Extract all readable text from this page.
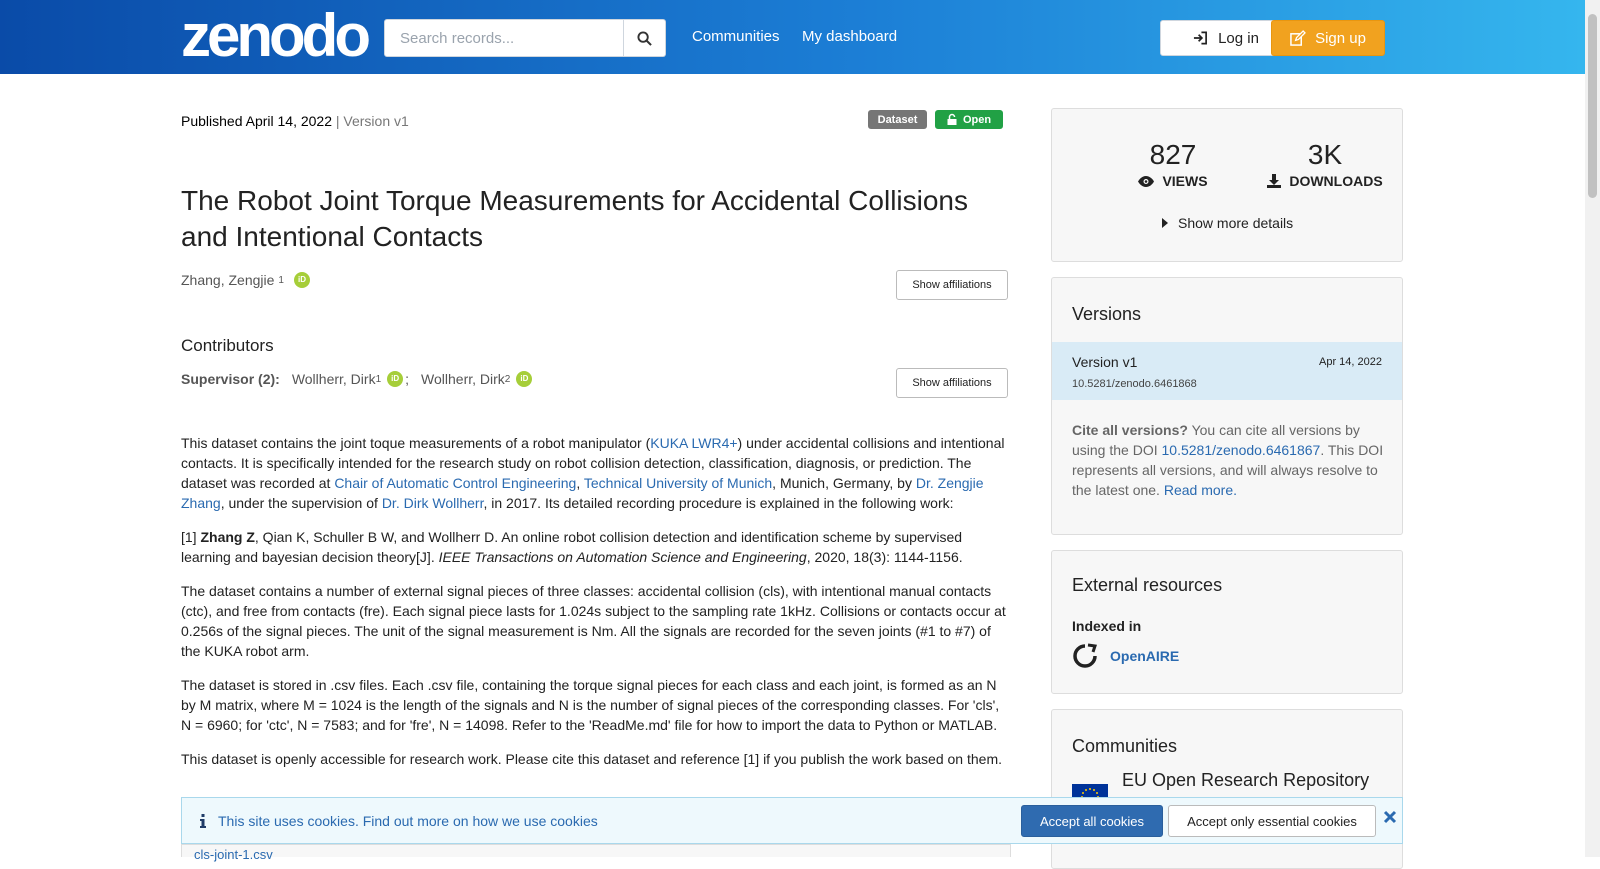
zenodo
Search records...	Communities My dashboard	Log in	Sign up
Published April 14, 2022 | Version v1	Dataset	Open
The Robot Joint Torque Measurements for Accidental Collisions and Intentional Contacts
Zhang, Zengjie 1	iD	Show affiliations
Contributors
Supervisor (2): Wollherr, Dirk 1	iD ; Wollherr, Dirk 2	iD	Show affiliations

This dataset contains the joint toque measurements of a robot manipulator (KUKA LWR4+) under accidental collisions and intentional contacts. It is specifically intended for the research study on robot collision detection, classification, diagnosis, or prediction. The dataset was recorded at Chair of Automatic Control Engineering, Technical University of Munich, Munich, Germany, by Dr. Zengjie Zhang, under the supervision of Dr. Dirk Wollherr, in 2017. Its detailed recording procedure is explained in the following work:

[1] Zhang Z, Qian K, Schuller B W, and Wollherr D. An online robot collision detection and identification scheme by supervised learning and bayesian decision theory[J]. IEEE Transactions on Automation Science and Engineering, 2020, 18(3): 1144-1156.

The dataset contains a number of external signal pieces of three classes: accidental collision (cls), with intentional manual contacts (ctc), and free from contacts (fre). Each signal piece lasts for 1.024s subject to the sampling rate 1kHz. Collisions or contacts occur at 0.256s of the signal pieces. The unit of the signal measurement is Nm. All the signals are recorded for the seven joints (#1 to #7) of the KUKA robot arm.

The dataset is stored in .csv files. Each .csv file, containing the torque signal pieces for each class and each joint, is formed as an N by M matrix, where M = 1024 is the length of the signals and N is the number of signal pieces of the corresponding classes. For 'cls', N = 6960; for 'ctc', N = 7583; and for 'fre', N = 14098. Refer to the 'ReadMe.md' file for how to import the data to Python or MATLAB.

This dataset is openly accessible for research work. Please cite this dataset and reference [1] if you publish the work based on them.

cls-joint-1.csv
827
VIEWS
3K
DOWNLOADS
Show more details
Versions
Version v1	Apr 14, 2022
10.5281/zenodo.6461868
Cite all versions? You can cite all versions by using the DOI 10.5281/zenodo.6461867. This DOI represents all versions, and will always resolve to the latest one. Read more.
External resources
Indexed in
OpenAIRE
Communities
EU Open Research Repository
This site uses cookies. Find out more on how we use cookies	Accept all cookies	Accept only essential cookies
